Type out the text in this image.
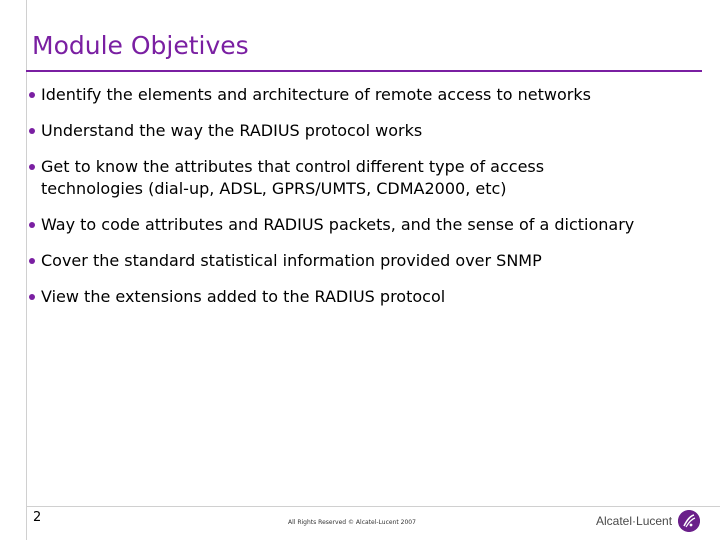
Module Objetives
Identify the elements and architecture of remote access to networks
Understand the way the RADIUS protocol works
Get to know the attributes that control different type of access
technologies (dial-up, ADSL, GPRS/UMTS, CDMA2000, etc)
Way to code attributes and RADIUS packets, and the sense of a dictionary
Cover the standard statistical information provided over SNMP
View the extensions added to the RADIUS protocol
2	All Rights Reserved © Alcatel-Lucent 2007	Alcatel·Lucent
